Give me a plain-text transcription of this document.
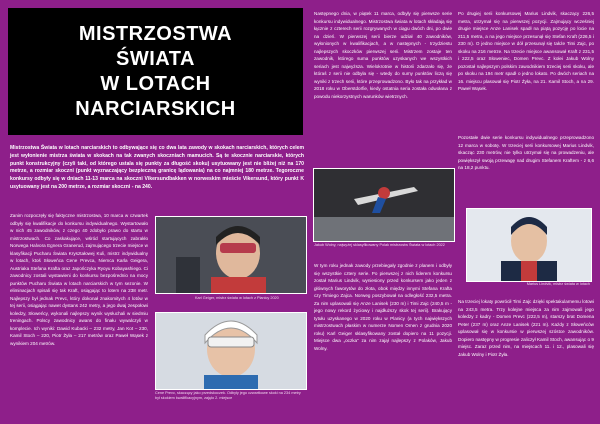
MISTRZOSTWA
ŚWIATA
W LOTACH
NARCIARSKICH

Mistrzostwa Świata w lotach narciarskich to odbywające się co dwa lata zawody w skokach narciarskich, których celem jest wyłonienie mistrza świata w skokach na tak zwanych skoczniach mamucich. Są te skocznie narciarskie, których punkt konstrukcyjny (czyli taki, od którego ustala się punkty za długość skoku) usytuowany jest nie bliżej niż na 170 metrze, a rozmiar skoczni (punkt wyznaczający bezpieczną granicę lądowania) na co najmniej 180 metrze. Tegoroczne konkursy odbyły się w dniach 11-13 marca na skoczni Vikersundbakken w norweskim mieście Vikersund, który punkt K usytuowany jest na 200 metrze, a rozmiar skoczni - na 240.

Zanim rozpoczęły się faktyczne mistrzostwa, 10 marca w czwartek odbyły się kwalifikacje do konkursu indywidualnego. Wystartowało w nich 45 zawodników, z czego 40 zdobyło prawo do startu w mistrzostwach. Co zaskakujące, wśród startujących zabrakło Norwega Halvora Egnera Granerud, zajmującego trzecie miejsce w klasyfikacji Pucharu Świata Kryształowej Kuli, mistrz indywidualny w lotach, ktoś Słoweńca Cene Prevca, Niemca Karla Geigera, Austriaka Stefana Krafta oraz Japończyka Ryoyu Kobayashiego. Ci zawodnicy zostali wystawieni do konkursu bezpośrednio na mocy punktów Pucharu Świata w lotach narciarskich w tym sezonie. W eliminacjach spisali się tak Kraft, osiągając to lotem na 238 metr. Najlepszy był jednak Prevc, który dokonał znakomitych 4 lotów w tej serii, osiągając nawet dystans 242 metry, a jego dwaj zespołowi koledzy, Słoweńcy, wykonali najlepszy wynik wysłuchali w siedmiu treningach. Polscy zawodnicy awans do finału wywalczyli w komplecie. Ich wyniki: Dawid Kubacki – 232 metry, Jan Kot – 230, Kamil Stoch – 220, Piotr Żyła – 217 metrów oraz Paweł Wąsek z wynikiem 204 metrów.

Karl Geiger, mistrz świata w lotach z Planicy 2020
Cene Prevc, skaczący jako przedskoczek. Odbyły jego czwartkowe skoki na 234 metry był skokiem kwalifikacyjnym, zajęło 2. miejsce

Następnego dnia, w piątek 11 marca, odbyły się pierwsze serie konkursu indywidualnego. Mistrzostwa świata w lotach składają się łącznie z czterech serii rozgrywanych w ciągu dwóch dni, po dwie na dzień. W pierwszej serii bierze udział 40 zawodników, wyłonionych w kwalifikacjach, a w następnych - trzydziestu najlepszych skoczków pierwszej serii. Mistrzem zostaje ten zawodnik, którego suma punktów uzyskanych we wszystkich seriach jest najwyższa. Wielokrotnie w historii zdarzało się, że któraś z serii nie odbyła się - wtedy do sumy punktów liczą się wyniki z trzech serii, które przeprowadzono. Było tak na przykład w 2018 roku w Oberstdorfie, kiedy ostatnia seria została odwołana z powodu niekorzystnych warunków wietrznych.

Jakub Wolny, najwyżej sklasyfikowany Polak mistrzostw Świata w lotach 2022

W tym roku jednak zawody przebiegały zgodnie z planem i odbyły się wszystkie cztery serie. Po pierwszej z nich liderem konkursu został Marius Lindvik, wyniesiony przed konkursem jako jeden z głównych faworytów do złota, obok między innymi Stefana Krafta czy Timiego Zajca. Norweg poszybował na odległość 232,5 metra. Za nim uplasowali się Anze Lanisek (230 m) i Timi Zajc (240,5 m - jego nowy rekord życiowy i najdłuższy skok tej serii). Brakujący tytułu uzyskanego w 2020 roku w Planicy (a tych największych mistrzostwach płaskim w numerze Nomen Omen z grudnia 2020 roku) Karl Geiger sklasyfikowany został dopiero na 11 pozycji. Miejsce dwa „oczka” za nim zajął najlepszy z Polaków, Jakub Wolny.

Po drugiej serii konkursowej Marius Lindvik, skaczący 226,5 metra, utrzymał się na pierwszej pozycji. Zajmujący wcześniej drugie miejsce Anze Lanisek spadł na piątą pozycję po locie na 211,5 metra, a na jego miejsce przesunął się Stefan Kraft (226,5 i 230 m). O jedno miejsce w dół przesunął się także Timi Zajc, po skoku na 216 metrze. Na trzecie miejsce awansował Kraft z 231,5 i 222,5 oraz Słoweniec, Domen Prevc. Z kolei Jakub Wolny pozostał najlepszym polskim zawodnikiem trzeciej serii skoku, ale po skoku na 194 metr spadł o jedno lokato. Po dwóch seriach na 16. miejscu plasował się Piotr Żyła, na 21. Kamil Stoch, a na 29. Paweł Wąsek.

Pozostałe dwie serie konkursu indywidualnego przeprowadzono 12 marca w sobotę. W trzeciej serii konkursowej Marius Lindvik, skacząc 230 metrów, nie tylko utrzymał się na prowadzeniu, ale powiększył swoją przewagę nad drugim Stefanem Kraftem - z 6,6 na 18,2 punktu.

Marius Lindvik, mistrz świata w lotach

Na trzeciej lokaty powrócił Timi Zajc dzięki spektakularnemu lotowi na 243,5 metra. Trzy kolejne miejsca za nim zajmowali jego koledzy z kadry - Domen Prevc (222,5 m), starszy brat Domena Peter (237 m) oraz Anze Lanisek (221 m). Każdy z Słoweńców uplasował się w konkursie w pierwszej szóstce zawodników. Dopiero następny w progresie zaliczył Kamil Stoch, awansując o 9 miejsc. Zaraz przed nim, na miejscach 11. i 12., plasowali się Jakub Wolny i Piotr Żyła.
